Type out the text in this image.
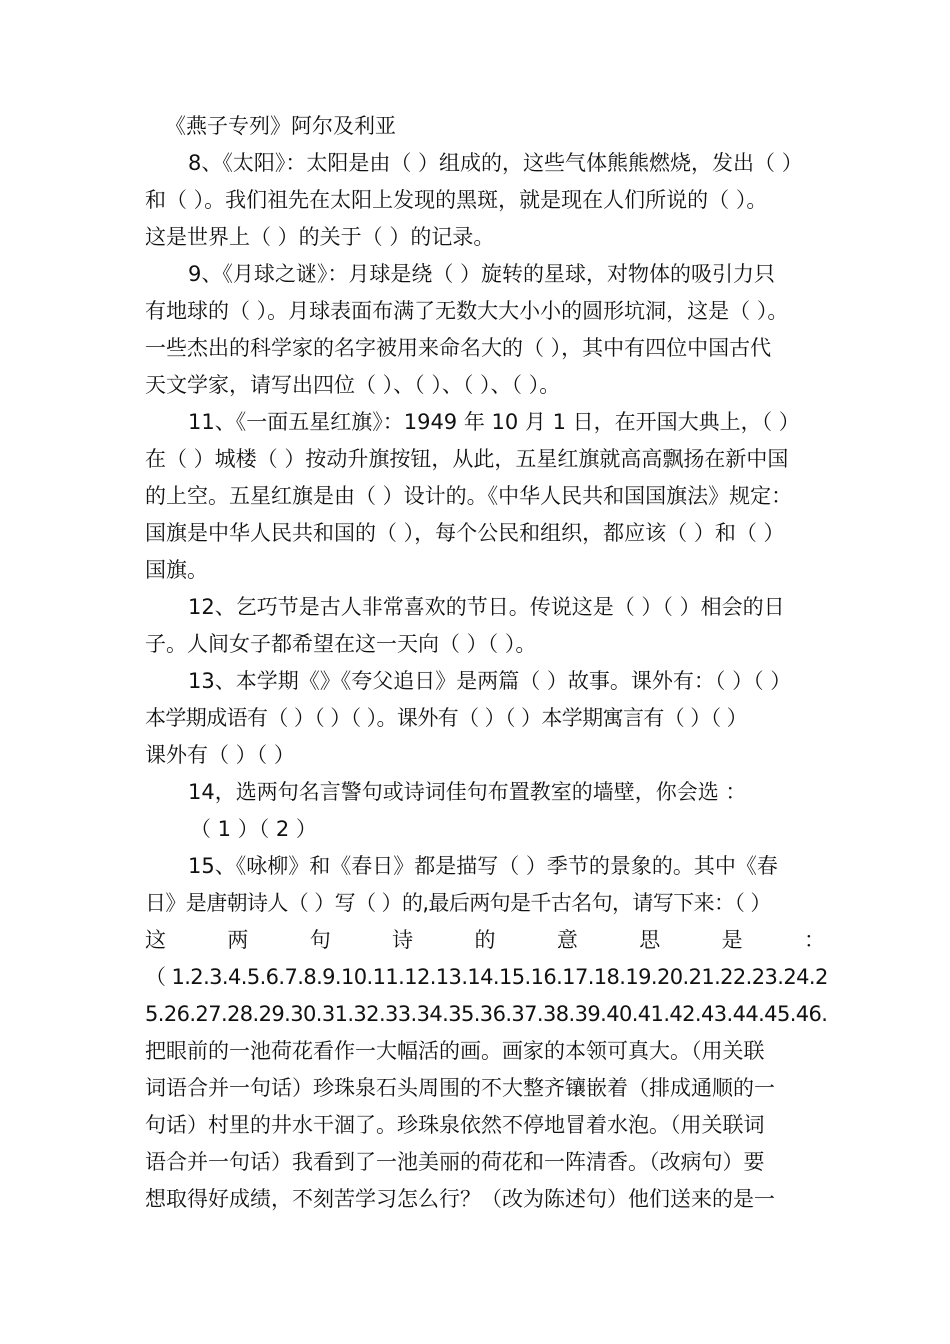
《燕子专列》阿尔及利亚
8、《太阳》：太阳是由（ ）组成的，这些气体熊熊燃烧，发出（ ）
和（ ）。我们祖先在太阳上发现的黑斑，就是现在人们所说的（ ）。
这是世界上（ ）的关于（ ）的记录。
9、《月球之谜》：月球是绕（ ）旋转的星球，对物体的吸引力只
有地球的（ ）。月球表面布满了无数大大小小的圆形坑洞，这是（ ）。
一些杰出的科学家的名字被用来命名大的（ ），其中有四位中国古代
天文学家，请写出四位（ ）、（ ）、（ ）、（ ）。
11、《一面五星红旗》：1949 年 10 月 1 日，在开国大典上，（ ）
在（ ）城楼（ ）按动升旗按钮，从此，五星红旗就高高飘扬在新中国
的上空。五星红旗是由（ ）设计的。《中华人民共和国国旗法》规定：
国旗是中华人民共和国的（ ），每个公民和组织，都应该（ ）和（ ）
国旗。
12、乞巧节是古人非常喜欢的节日。传说这是（ ）（ ）相会的日
子。人间女子都希望在这一天向（ ）（ ）。
13、本学期《》《夸父追日》是两篇（ ）故事。课外有：（ ）（ ）
本学期成语有（ ）（ ）（ ）。课外有（ ）（ ）本学期寓言有（ ）（ ）
课外有（ ）（ ）
14，选两句名言警句或诗词佳句布置教室的墙壁，你会选 ：
（ 1 ）（ 2 ）
15、《咏柳》和《春日》都是描写（ ）季节的景象的。其中《春
日》是唐朝诗人（ ）写（ ）的,最后两句是千古名句，请写下来：（ ）
这 两 句 诗 的 意 思 是 ：
（ 1.2.3.4.5.6.7.8.9.10.11.12.13.14.15.16.17.18.19.20.21.22.23.24.2
5.26.27.28.29.30.31.32.33.34.35.36.37.38.39.40.41.42.43.44.45.46.
把眼前的一池荷花看作一大幅活的画。画家的本领可真大。（用关联
词语合并一句话）珍珠泉石头周围的不大整齐镶嵌着（排成通顺的一
句话）村里的井水干涸了。珍珠泉依然不停地冒着水泡。（用关联词
语合并一句话）我看到了一池美丽的荷花和一阵清香。（改病句）要
想取得好成绩，不刻苦学习怎么行？（改为陈述句）他们送来的是一
